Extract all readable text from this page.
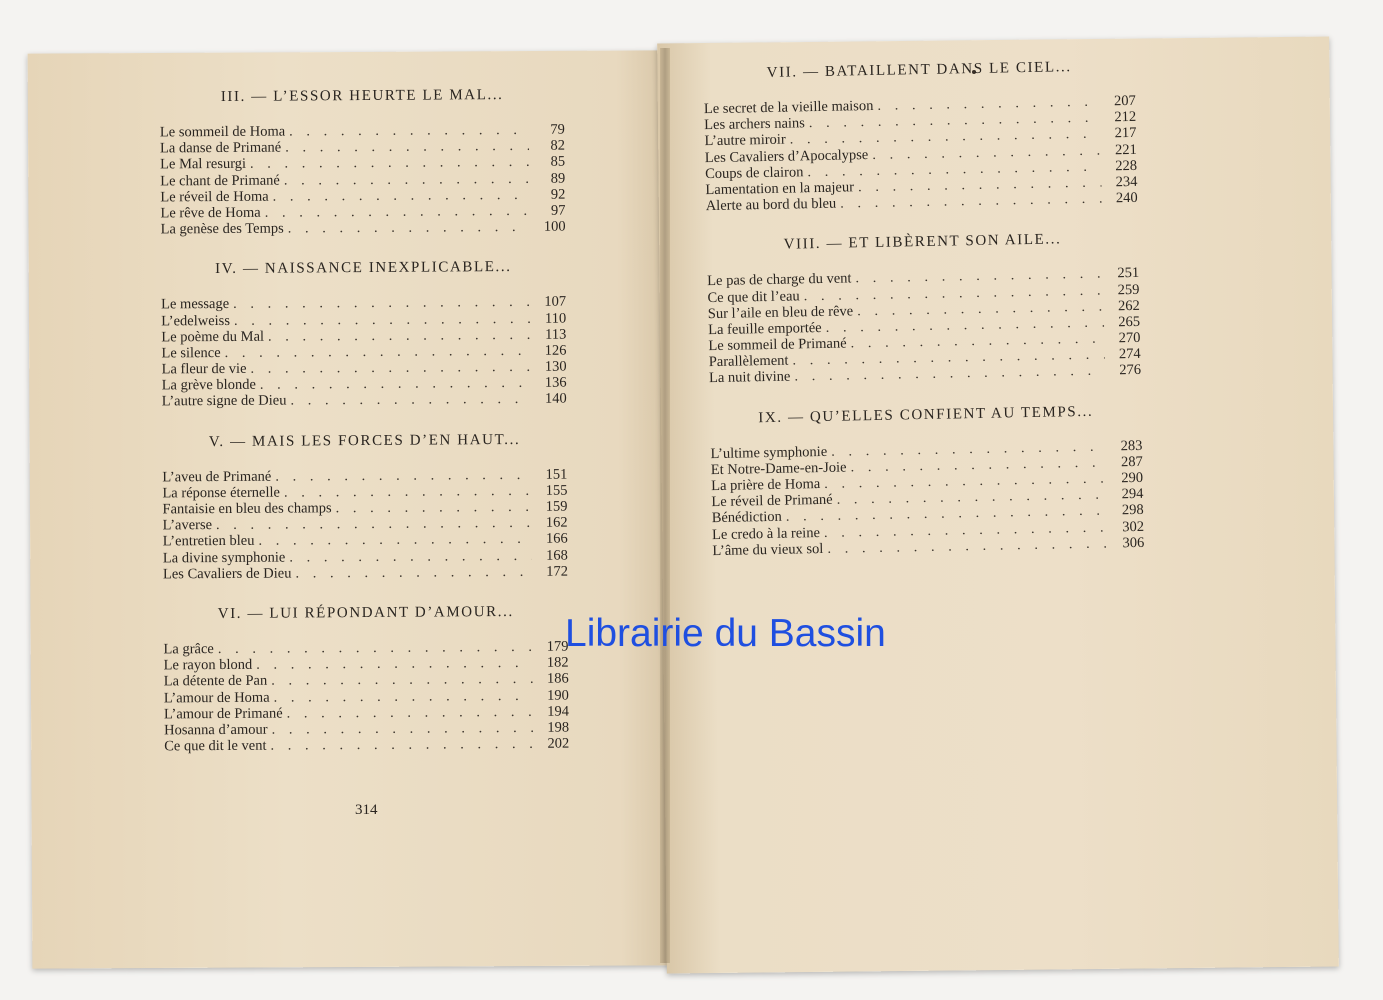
III. — L’ESSOR HEURTE LE MAL...
Le sommeil de Homa . . .	79
La danse de Primané . . .	82
Le Mal resurgi . . .	85
Le chant de Primané . . .	89
Le réveil de Homa . . .	92
Le rêve de Homa . . .	97
La genèse des Temps . . .	100
IV. — NAISSANCE INEXPLICABLE...
Le message . . .	107
L’edelweiss . . .	110
Le poème du Mal . . .	113
Le silence . . .	126
La fleur de vie . . .	130
La grève blonde . . .	136
L’autre signe de Dieu . . .	140
V. — MAIS LES FORCES D’EN HAUT...
L’aveu de Primané . . .	151
La réponse éternelle . . .	155
Fantaisie en bleu des champs . . .	159
L’averse . . .	162
L’entretien bleu . . .	166
La divine symphonie . . .	168
Les Cavaliers de Dieu . . .	172
VI. — LUI RÉPONDANT D’AMOUR...
La grâce . . .	179
Le rayon blond . . .	182
La détente de Pan . . .	186
L’amour de Homa . . .	190
L’amour de Primané . . .	194
Hosanna d’amour . . .	198
Ce que dit le vent . . .	202
VII. — BATAILLENT DANS LE CIEL...
Le secret de la vieille maison . . .	207
Les archers nains . . .	212
L’autre miroir . . .	217
Les Cavaliers d’Apocalypse . . .	221
Coups de clairon . . .	228
Lamentation en la majeur . . .	234
Alerte au bord du bleu . . .	240
VIII. — ET LIBÈRENT SON AILE...
Le pas de charge du vent . . .	251
Ce que dit l’eau . . .	259
Sur l’aile en bleu de rêve . . .	262
La feuille emportée . . .	265
Le sommeil de Primané . . .	270
Parallèlement . . .	274
La nuit divine . . .	276
IX. — QU’ELLES CONFIENT AU TEMPS...
L’ultime symphonie . . .	283
Et Notre-Dame-en-Joie . . .	287
La prière de Homa . . .	290
Le réveil de Primané . . .	294
Bénédiction . . .	298
Le credo à la reine . . .	302
L’âme du vieux sol . . .	306
314
Librairie du Bassin
